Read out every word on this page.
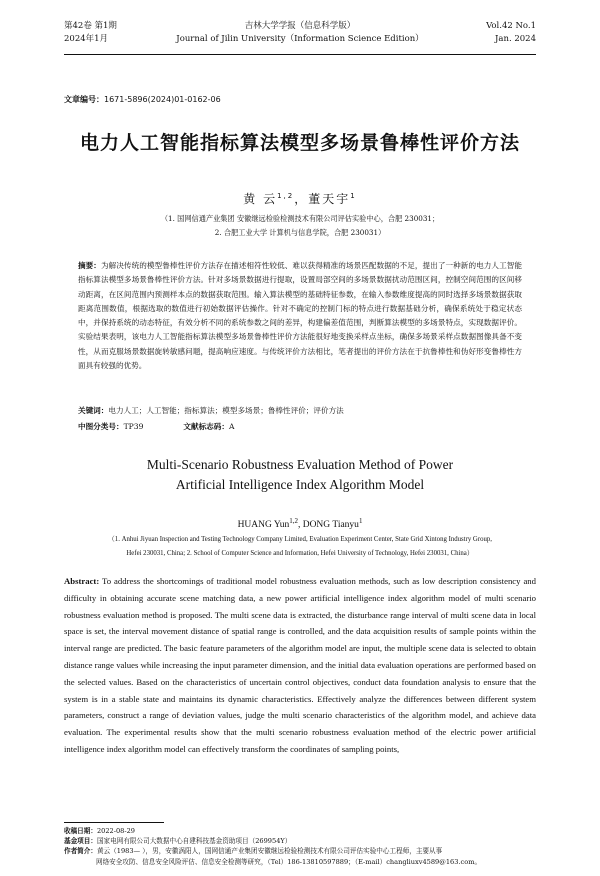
第42卷 第1期
2024年1月
吉林大学学报（信息科学版）
Journal of Jilin University（Information Science Edition）
Vol.42 No.1
Jan. 2024
文章编号：1671-5896(2024)01-0162-06
电力人工智能指标算法模型多场景鲁棒性评价方法
黄 云$^{1,2}$，董天宇$^1$
（1. 国网信通产业集团 安徽继远检验检测技术有限公司评估实验中心，合肥 230031；
2. 合肥工业大学 计算机与信息学院，合肥 230031）
摘要：为解决传统的模型鲁棒性评价方法存在描述相符性较低、难以获得精准的场景匹配数据的不足，提出了一种新的电力人工智能指标算法模型多场景鲁棒性评价方法。针对多场景数据进行提取，设置局部空间的多场景数据扰动范围区间，控制空间范围的区间移动距离，在区间范围内预测样本点的数据获取范围。输入算法模型的基础特征参数，在输入参数维度提高的同时选择多场景数据获取距离范围数值，根据选取的数值进行初始数据评估操作。针对不确定的控制门标的特点进行数据基础分析，确保系统处于稳定状态中，并保持系统的动态特征，有效分析不同的系统参数之间的差异，构建偏差值范围，判断算法模型的多场景特点，实现数据评价。实验结果表明，该电力人工智能指标算法模型多场景鲁棒性评价方法能很好地变换采样点坐标，确保多场景采样点数据图像具备不变性，从而克服场景数据旋转敏感问题，提高响应速度。与传统评价方法相比，笔者提出的评价方法在于抗鲁棒性和伪好形变鲁棒性方面具有较强的优势。
关键词：电力人工；人工智能；指标算法；模型多场景；鲁棒性评价；评价方法
中图分类号：TP39	文献标志码：A
Multi-Scenario Robustness Evaluation Method of Power
Artificial Intelligence Index Algorithm Model
HUANG Yun$^{1,2}$, DONG Tianyu$^1$
（1. Anhui Jiyuan Inspection and Testing Technology Company Limited, Evaluation Experiment Center, State Grid Xintong Industry Group,
Hefei 230031, China; 2. School of Computer Science and Information, Hefei University of Technology, Hefei 230031, China）
Abstract: To address the shortcomings of traditional model robustness evaluation methods, such as low description consistency and difficulty in obtaining accurate scene matching data, a new power artificial intelligence index algorithm model of multi scenario robustness evaluation method is proposed. The multi scene data is extracted, the disturbance range interval of multi scene data in local space is set, the interval movement distance of spatial range is controlled, and the data acquisition results of sample points within the interval range are predicted. The basic feature parameters of the algorithm model are input, the multiple scene data is selected to obtain distance range values while increasing the input parameter dimension, and the initial data evaluation operations are performed based on the selected values. Based on the characteristics of uncertain control objectives, conduct data foundation analysis to ensure that the system is in a stable state and maintains its dynamic characteristics. Effectively analyze the differences between different system parameters, construct a range of deviation values, judge the multi scenario characteristics of the algorithm model, and achieve data evaluation. The experimental results show that the multi scenario robustness evaluation method of the electric power artificial intelligence index algorithm model can effectively transform the coordinates of sampling points,
收稿日期：2022-08-29
基金项目：国家电网有限公司大数据中心自建科技基金资助项目（269954Y）
作者简介：黄云（1983— ），男，安徽涡阳人，国网信通产业集团安徽继远检验检测技术有限公司评估实验中心工程师，主要从事
网络安全攻防、信息安全风险评估、信息安全检测等研究，（Tel）186-13810597889；（E-mail）changliuxv4589@163.com。
